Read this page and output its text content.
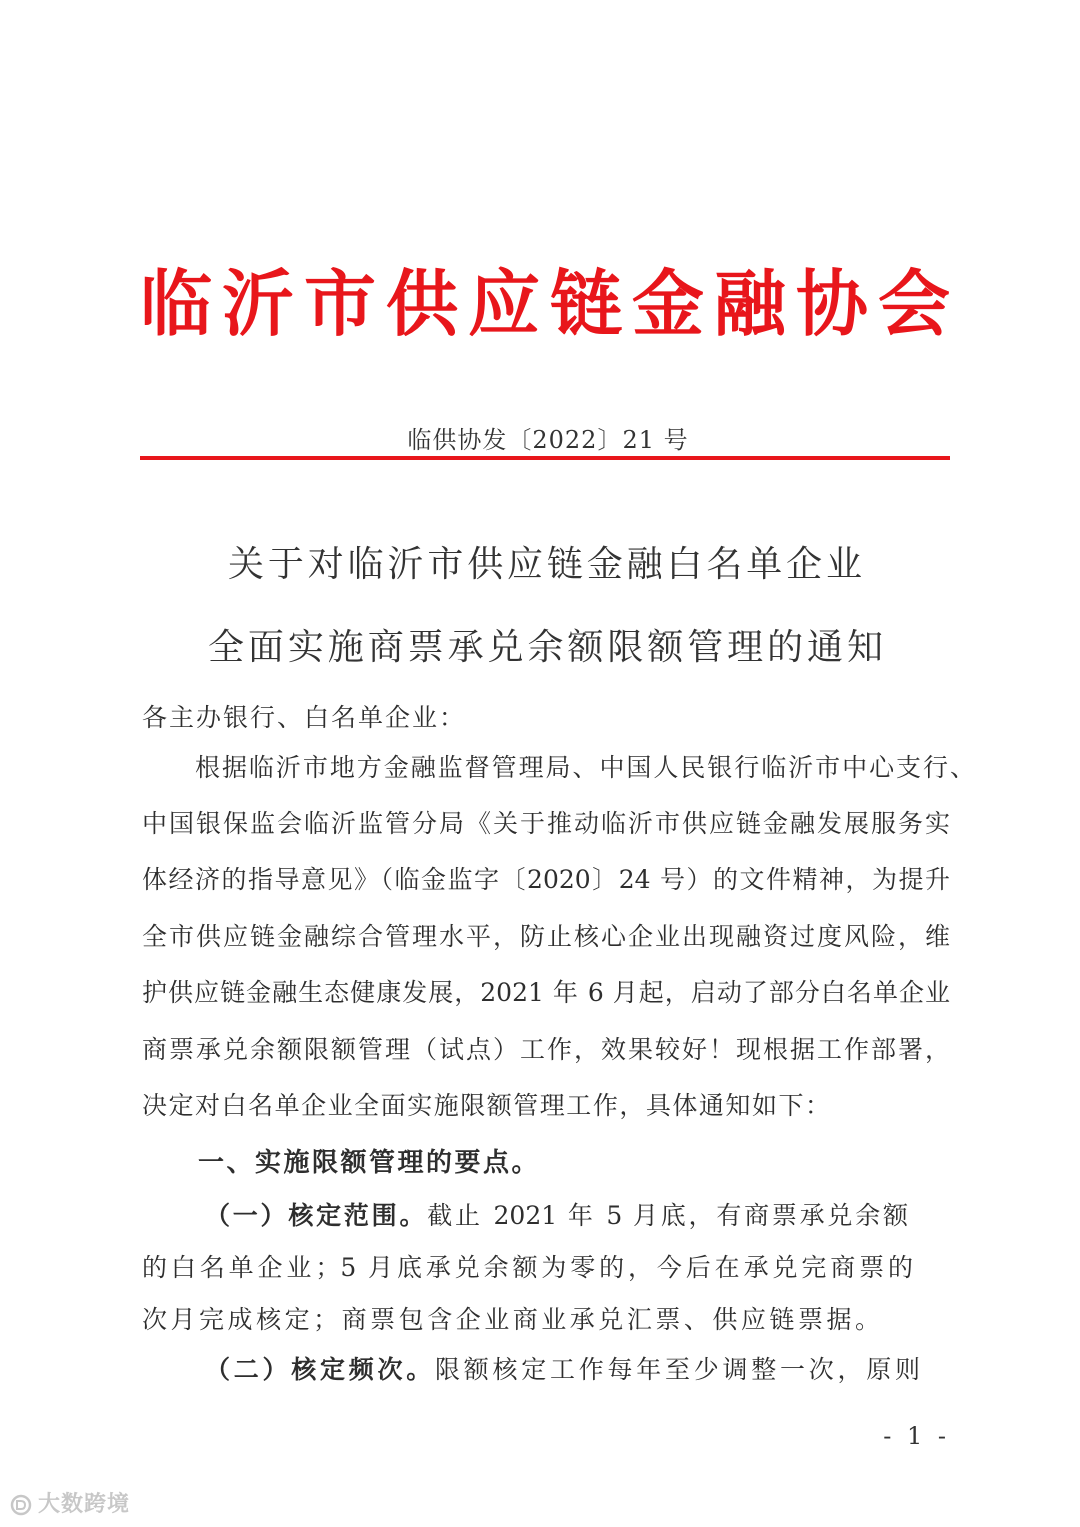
临沂市供应链金融协会
临供协发〔2022〕21 号
关于对临沂市供应链金融白名单企业
全面实施商票承兑余额限额管理的通知
各主办银行、白名单企业：
根据临沂市地方金融监督管理局、中国人民银行临沂市中心支行、
中国银保监会临沂监管分局《关于推动临沂市供应链金融发展服务实
体经济的指导意见》（临金监字〔2020〕24 号）的文件精神，为提升
全市供应链金融综合管理水平，防止核心企业出现融资过度风险，维
护供应链金融生态健康发展，2021 年 6 月起，启动了部分白名单企业
商票承兑余额限额管理（试点）工作，效果较好！现根据工作部署，
决定对白名单企业全面实施限额管理工作，具体通知如下：
一、实施限额管理的要点。
（一）核定范围。截止 2021 年 5 月底，有商票承兑余额
的白名单企业；5 月底承兑余额为零的，今后在承兑完商票的
次月完成核定；商票包含企业商业承兑汇票、供应链票据。
（二）核定频次。限额核定工作每年至少调整一次，原则
- 1 -
大数跨境
